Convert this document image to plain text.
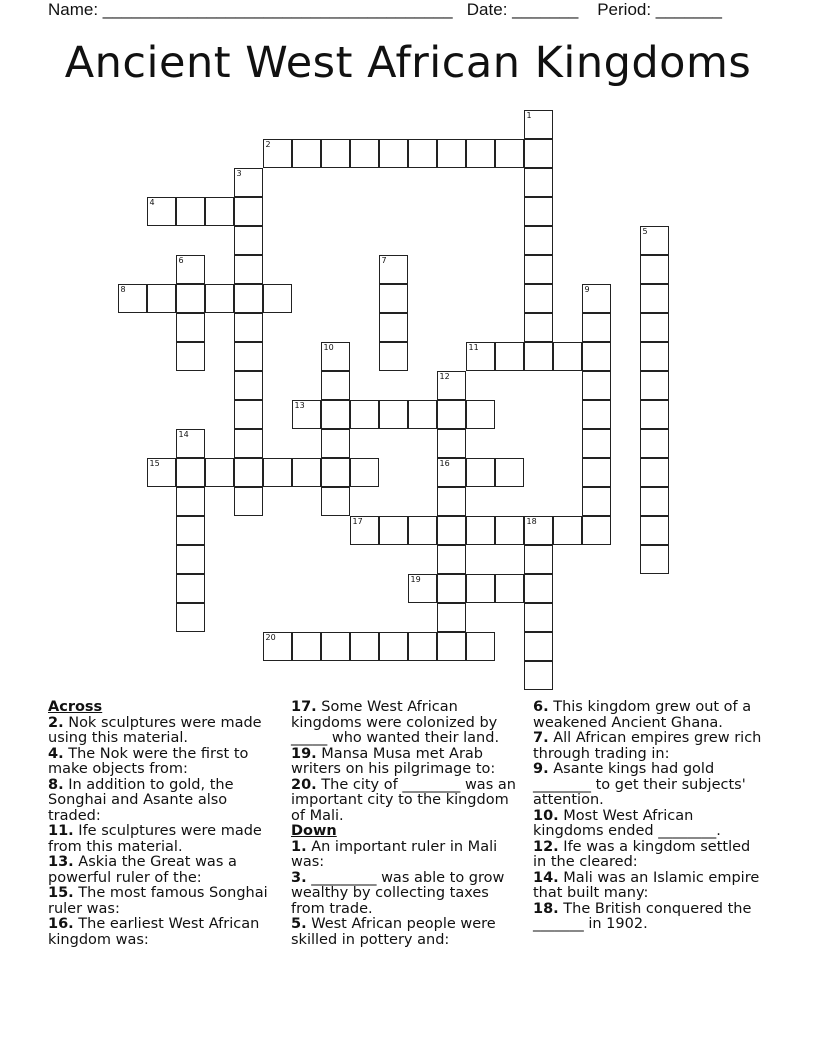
Name: _____________________________________   Date: _______    Period: _______
Ancient West African Kingdoms
1
2
3
4
5
6	7
8	9
10	11
12
16
13
14
15
17	18
19
20
Across
2. Nok sculptures were made using this material.
4. The Nok were the first to make objects from:
8. In addition to gold, the Songhai and Asante also traded:
11. Ife sculptures were made from this material.
13. Askia the Great was a powerful ruler of the:
15. The most famous Songhai ruler was:
16. The earliest West African kingdom was:
17. Some West African kingdoms were colonized by _____ who wanted their land.
19. Mansa Musa met Arab writers on his pilgrimage to:
20. The city of ________ was an important city to the kingdom of Mali.
Down
1. An important ruler in Mali was:
3. _________ was able to grow wealthy by collecting taxes from trade.
5. West African people were skilled in pottery and:
6. This kingdom grew out of a weakened Ancient Ghana.
7. All African empires grew rich through trading in:
9. Asante kings had gold ________ to get their subjects' attention.
10. Most West African kingdoms ended ________.
12. Ife was a kingdom settled in the cleared:
14. Mali was an Islamic empire that built many:
18. The British conquered the _______ in 1902.
